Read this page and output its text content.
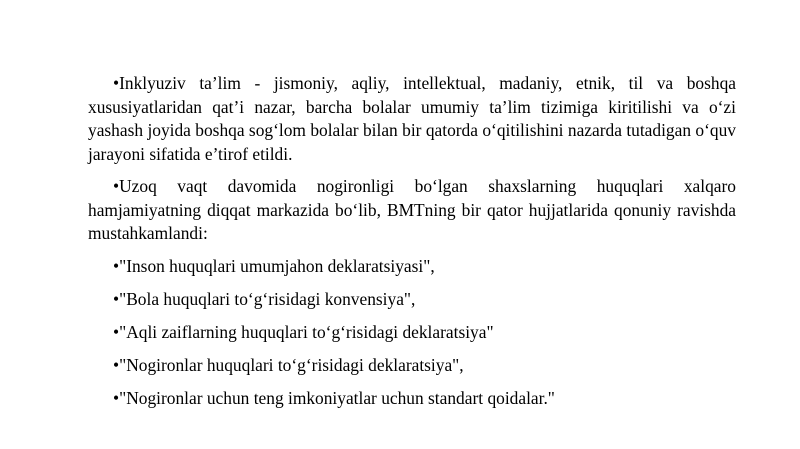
•Inklyuziv ta’lim - jismoniy, aqliy, intellektual, madaniy, etnik, til va boshqa xususiyatlaridan qat’i nazar, barcha bolalar umumiy ta’lim tizimiga kiritilishi va o‘zi yashash joyida boshqa sog‘lom bolalar bilan bir qatorda o‘qitilishini nazarda tutadigan o‘quv jarayoni sifatida e’tirof etildi.

•Uzoq vaqt davomida nogironligi bo‘lgan shaxslarning huquqlari xalqaro hamjamiyatning diqqat markazida bo‘lib, BMTning bir qator hujjatlarida qonuniy ravishda mustahkamlandi:

•"Inson huquqlari umumjahon deklaratsiyasi",
•"Bola huquqlari to‘g‘risidagi konvensiya",
•"Aqli zaiflarning huquqlari to‘g‘risidagi deklaratsiya"
•"Nogironlar huquqlari to‘g‘risidagi deklaratsiya",
•"Nogironlar uchun teng imkoniyatlar uchun standart qoidalar."
